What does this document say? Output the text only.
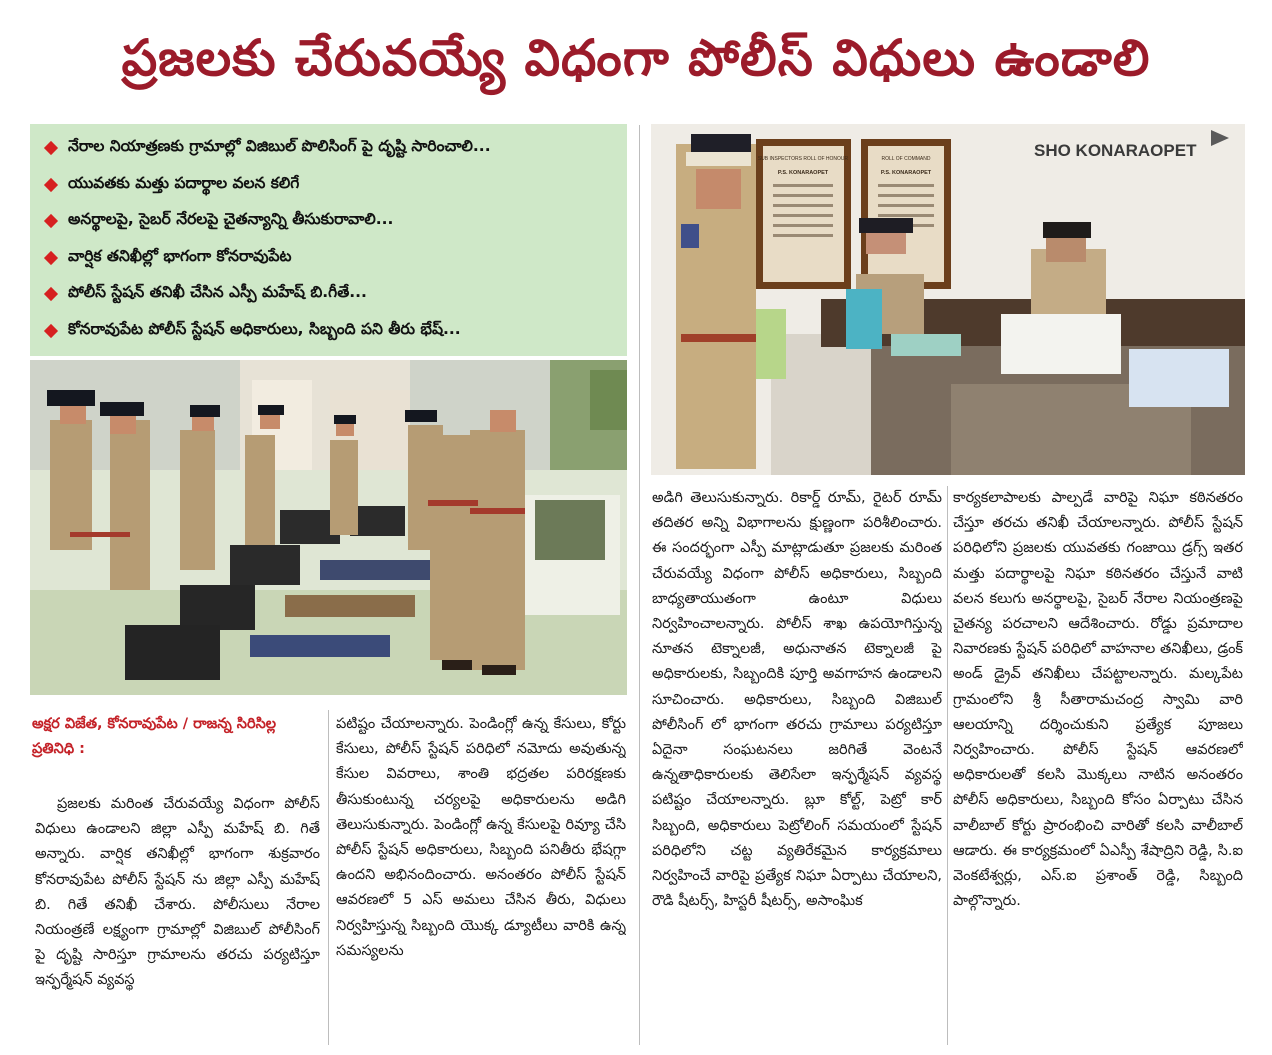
ప్రజలకు చేరువయ్యే విధంగా పోలీస్ విధులు ఉండాలి
నేరాల నియాత్రణకు గ్రామాల్లో విజిబుల్ పొలిసింగ్ పై దృష్టి సారించాలి...
యువతకు మత్తు పదార్థాల వలన కలిగే
అనర్థాలపై, సైబర్ నేరలపై చైతన్యాన్ని తీసుకురావాలి...
వార్షిక తనిఖీల్లో భాగంగా కోనరావుపేట
పోలీస్ స్టేషన్ తనిఖీ చేసిన ఎస్పీ మహేష్ బి.గీతే...
కోనరావుపేట పోలీస్ స్టేషన్ అధికారులు, సిబ్బంది పని తీరు భేష్...
SUB INSPECTORS ROLL OF HONOUR
P.S. KONARAOPET
ROLL OF COMMAND
P.S. KONARAOPET
SHO KONARAOPET
అక్షర విజేత, కోనరావుపేట / రాజన్న సిరిసిల్ల ప్రతినిధి :
ప్రజలకు మరింత చేరువయ్యే విధంగా పోలీస్ విధులు ఉండాలని జిల్లా ఎస్పీ మహేష్ బి. గితే అన్నారు. వార్షిక తనిఖీల్లో భాగంగా శుక్రవారం కోనరావుపేట పోలీస్ స్టేషన్ ను జిల్లా ఎస్పీ మహేష్ బి. గితే తనిఖీ చేశారు. పోలీసులు నేరాల నియంత్రణే లక్ష్యంగా గ్రామాల్లో విజిబుల్ పోలీసింగ్ పై దృష్టి సారిస్తూ గ్రామాలను తరచు పర్యటిస్తూ ఇన్ఫర్మేషన్ వ్యవస్థ
పటిష్టం చేయాలన్నారు. పెండింగ్లో ఉన్న కేసులు, కోర్టు కేసులు, పోలీస్ స్టేషన్ పరిధిలో నమోదు అవుతున్న కేసుల వివరాలు, శాంతి భద్రతల పరిరక్షణకు తీసుకుంటున్న చర్యలపై అధికారులను అడిగి తెలుసుకున్నారు. పెండింగ్లో ఉన్న కేసులపై రివ్యూ చేసి పోలీస్ స్టేషన్ అధికారులు, సిబ్బంది పనితీరు భేషగ్గా ఉందని అభినందించారు. అనంతరం పోలీస్ స్టేషన్ ఆవరణలో 5 ఎస్ అమలు చేసిన తీరు, విధులు నిర్వహిస్తున్న సిబ్బంది యొక్క డ్యూటీలు వారికి ఉన్న సమస్యలను
అడిగి తెలుసుకున్నారు. రికార్డ్ రూమ్, రైటర్ రూమ్ తదితర అన్ని విభాగాలను క్షుణ్ణంగా పరిశీలించారు. ఈ సందర్భంగా ఎస్పీ మాట్లాడుతూ ప్రజలకు మరింత చేరువయ్యే విధంగా పోలీస్ అధికారులు, సిబ్బంది బాధ్యతాయుతంగా ఉంటూ విధులు నిర్వహించాలన్నారు. పోలీస్ శాఖ ఉపయోగిస్తున్న నూతన టెక్నాలజీ, అధునాతన టెక్నాలజీ పై అధికారులకు, సిబ్బందికి పూర్తి అవగాహన ఉండాలని సూచించారు. అధికారులు, సిబ్బంది విజిబుల్ పోలీసింగ్ లో భాగంగా తరచు గ్రామాలు పర్యటిస్తూ ఏదైనా సంఘటనలు జరిగితే వెంటనే ఉన్నతాధికారులకు తెలిసేలా ఇన్ఫర్మేషన్ వ్యవస్థ పటిష్టం చేయాలన్నారు. బ్లూ కోల్ట్, పెట్రో కార్ సిబ్బంది, అధికారులు పెట్రోలింగ్ సమయంలో స్టేషన్ పరిధిలోని చట్ట వ్యతిరేకమైన కార్యక్రమాలు నిర్వహించే వారిపై ప్రత్యేక నిఘా ఏర్పాటు చేయాలని, రౌడి షీటర్స్, హిస్టరీ షీటర్స్, అసాంఘిక
కార్యకలాపాలకు పాల్పడే వారిపై నిఘా కఠినతరం చేస్తూ తరచు తనిఖీ చేయాలన్నారు. పోలీస్ స్టేషన్ పరిధిలోని ప్రజలకు యువతకు గంజాయి డ్రగ్స్ ఇతర మత్తు పదార్థాలపై నిఘా కఠినతరం చేస్తునే వాటి వలన కలుగు అనర్థాలపై, సైబర్ నేరాల నియంత్రణపై చైతన్య పరచాలని ఆదేశించారు. రోడ్డు ప్రమాదాల నివారణకు స్టేషన్ పరిధిలో వాహనాల తనిఖీలు, డ్రంక్ అండ్ డ్రైవ్ తనిఖీలు చేపట్టాలన్నారు. మల్కపేట గ్రామంలోని శ్రీ సీతారామచంద్ర స్వామి వారి ఆలయాన్ని దర్శించుకుని ప్రత్యేక పూజలు నిర్వహించారు. పోలీస్ స్టేషన్ ఆవరణలో అధికారులతో కలసి మొక్కలు నాటిన అనంతరం పోలీస్ అధికారులు, సిబ్బంది కోసం ఏర్పాటు చేసిన వాలీబాల్ కోర్టు ప్రారంభించి వారితో కలసి వాలీబాల్ ఆడారు. ఈ కార్యక్రమంలో ఏఎస్పీ శేషాద్రిని రెడ్డి, సి.ఐ వెంకటేశ్వర్లు, ఎస్.ఐ ప్రశాంత్ రెడ్డి, సిబ్బంది పాల్గొన్నారు.
